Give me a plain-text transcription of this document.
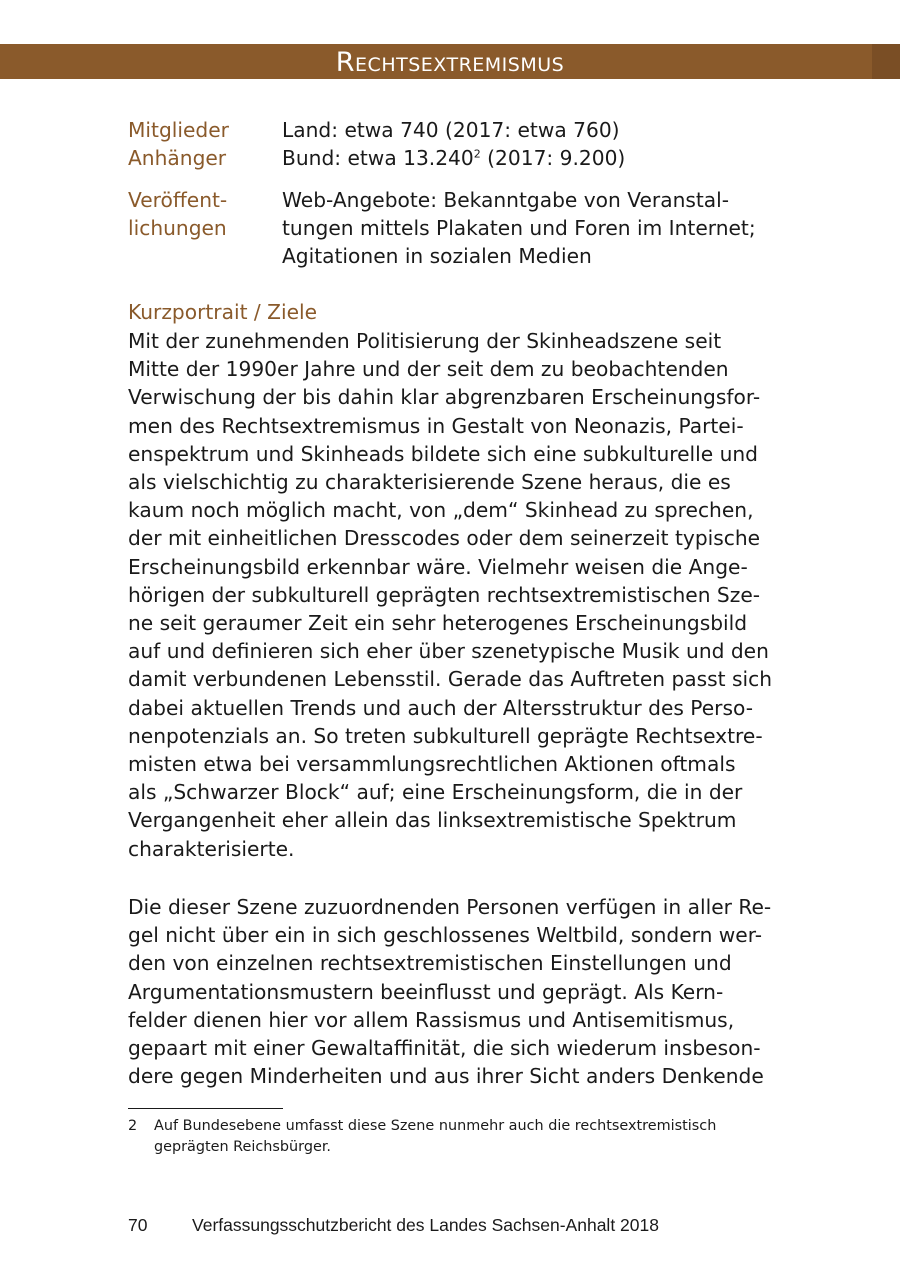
Rechtsextremismus
Mitglieder
Anhänger
Land: etwa 740 (2017: etwa 760)
Bund: etwa 13.240$^2$ (2017: 9.200)
Veröffent-
lichungen
Web-Angebote: Bekanntgabe von Veranstal-
tungen mittels Plakaten und Foren im Internet;
Agitationen in sozialen Medien
Kurzportrait / Ziele
Mit der zunehmenden Politisierung der Skinheadszene seit
Mitte der 1990er Jahre und der seit dem zu beobachtenden
Verwischung der bis dahin klar abgrenzbaren Erscheinungsfor-
men des Rechtsextremismus in Gestalt von Neonazis, Partei-
enspektrum und Skinheads bildete sich eine subkulturelle und
als vielschichtig zu charakterisierende Szene heraus, die es
kaum noch möglich macht, von „dem“ Skinhead zu sprechen,
der mit einheitlichen Dresscodes oder dem seinerzeit typische
Erscheinungsbild erkennbar wäre. Vielmehr weisen die Ange-
hörigen der subkulturell geprägten rechtsextremistischen Sze-
ne seit geraumer Zeit ein sehr heterogenes Erscheinungsbild
auf und definieren sich eher über szenetypische Musik und den
damit verbundenen Lebensstil. Gerade das Auftreten passt sich
dabei aktuellen Trends und auch der Altersstruktur des Perso-
nenpotenzials an. So treten subkulturell geprägte Rechtsextre-
misten etwa bei versammlungsrechtlichen Aktionen oftmals
als „Schwarzer Block“ auf; eine Erscheinungsform, die in der
Vergangenheit eher allein das linksextremistische Spektrum
charakterisierte.
Die dieser Szene zuzuordnenden Personen verfügen in aller Re-
gel nicht über ein in sich geschlossenes Weltbild, sondern wer-
den von einzelnen rechtsextremistischen Einstellungen und
Argumentationsmustern beeinflusst und geprägt. Als Kern-
felder dienen hier vor allem Rassismus und Antisemitismus,
gepaart mit einer Gewaltaffinität, die sich wiederum insbeson-
dere gegen Minderheiten und aus ihrer Sicht anders Denkende
2 Auf Bundesebene umfasst diese Szene nunmehr auch die rechtsextremistisch
geprägten Reichsbürger.
70	Verfassungsschutzbericht des Landes Sachsen-Anhalt 2018
